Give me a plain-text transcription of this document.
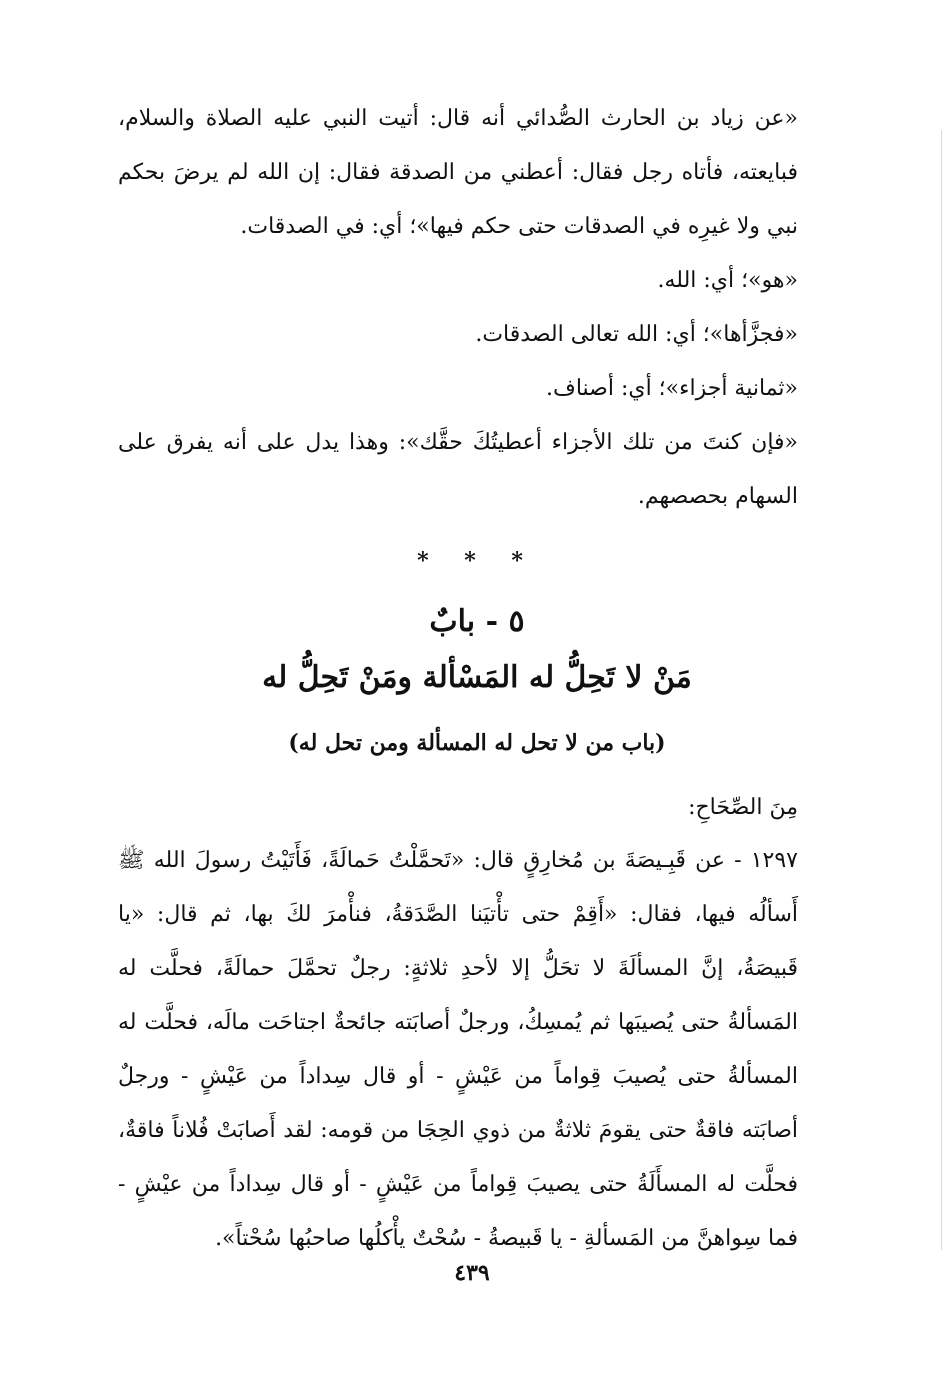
«عن زياد بن الحارث الصُّدائي أنه قال: أتيت النبي عليه الصلاة والسلام، فبايعته، فأتاه رجل فقال: أعطني من الصدقة فقال: إن الله لم يرضَ بحكم نبي ولا غيرِه في الصدقات حتى حكم فيها»؛ أي: في الصدقات.

«هو»؛ أي: الله.

«فجزَّأها»؛ أي: الله تعالى الصدقات.

«ثمانية أجزاء»؛ أي: أصناف.

«فإن كنتَ من تلك الأجزاء أعطيتُكَ حقَّك»: وهذا يدل على أنه يفرق على السهام بحصصهم.

* * *
٥ - بابٌ
مَنْ لا تَحِلُّ له المَسْألة ومَنْ تَحِلُّ له
(باب من لا تحل له المسألة ومن تحل له)

مِنَ الصِّحَاحِ:

١٢٩٧ - عن قَبِـيصَةَ بن مُخارِقٍ قال: «تَحمَّلْتُ حَمالَةً، فَأَتَيْتُ رسولَ الله ﷺ أَسألُه فيها، فقال: «أَقِمْ حتى تأْتيَنا الصَّدَقةُ، فنأْمرَ لكَ بها، ثم قال: «يا قَبيصَةُ، إنَّ المسألَةَ لا تحَلُّ إلا لأحدِ ثلاثةٍ: رجلٌ تحمَّلَ حمالَةً، فحلَّت له المَسألةُ حتى يُصيبَها ثم يُمسِكُ، ورجلٌ أصابَته جائحةٌ اجتاحَت مالَه، فحلَّت له المسألةُ حتى يُصيبَ قِواماً من عَيْشٍ - أو قال سِداداً من عَيْشٍ - ورجلٌ أصابَته فاقةٌ حتى يقومَ ثلاثةٌ من ذوي الحِجَا من قومه: لقد أَصابَتْ فُلاناً فاقةٌ، فحلَّت له المسأَلَةُ حتى يصيبَ قِواماً من عَيْشٍ - أو قال سِداداً من عيْشٍ - فما سِواهنَّ من المَسألةِ - يا قَبيصةُ - سُحْتٌ يأْكلُها صاحبُها سُحْتاً».

٤٣٩
